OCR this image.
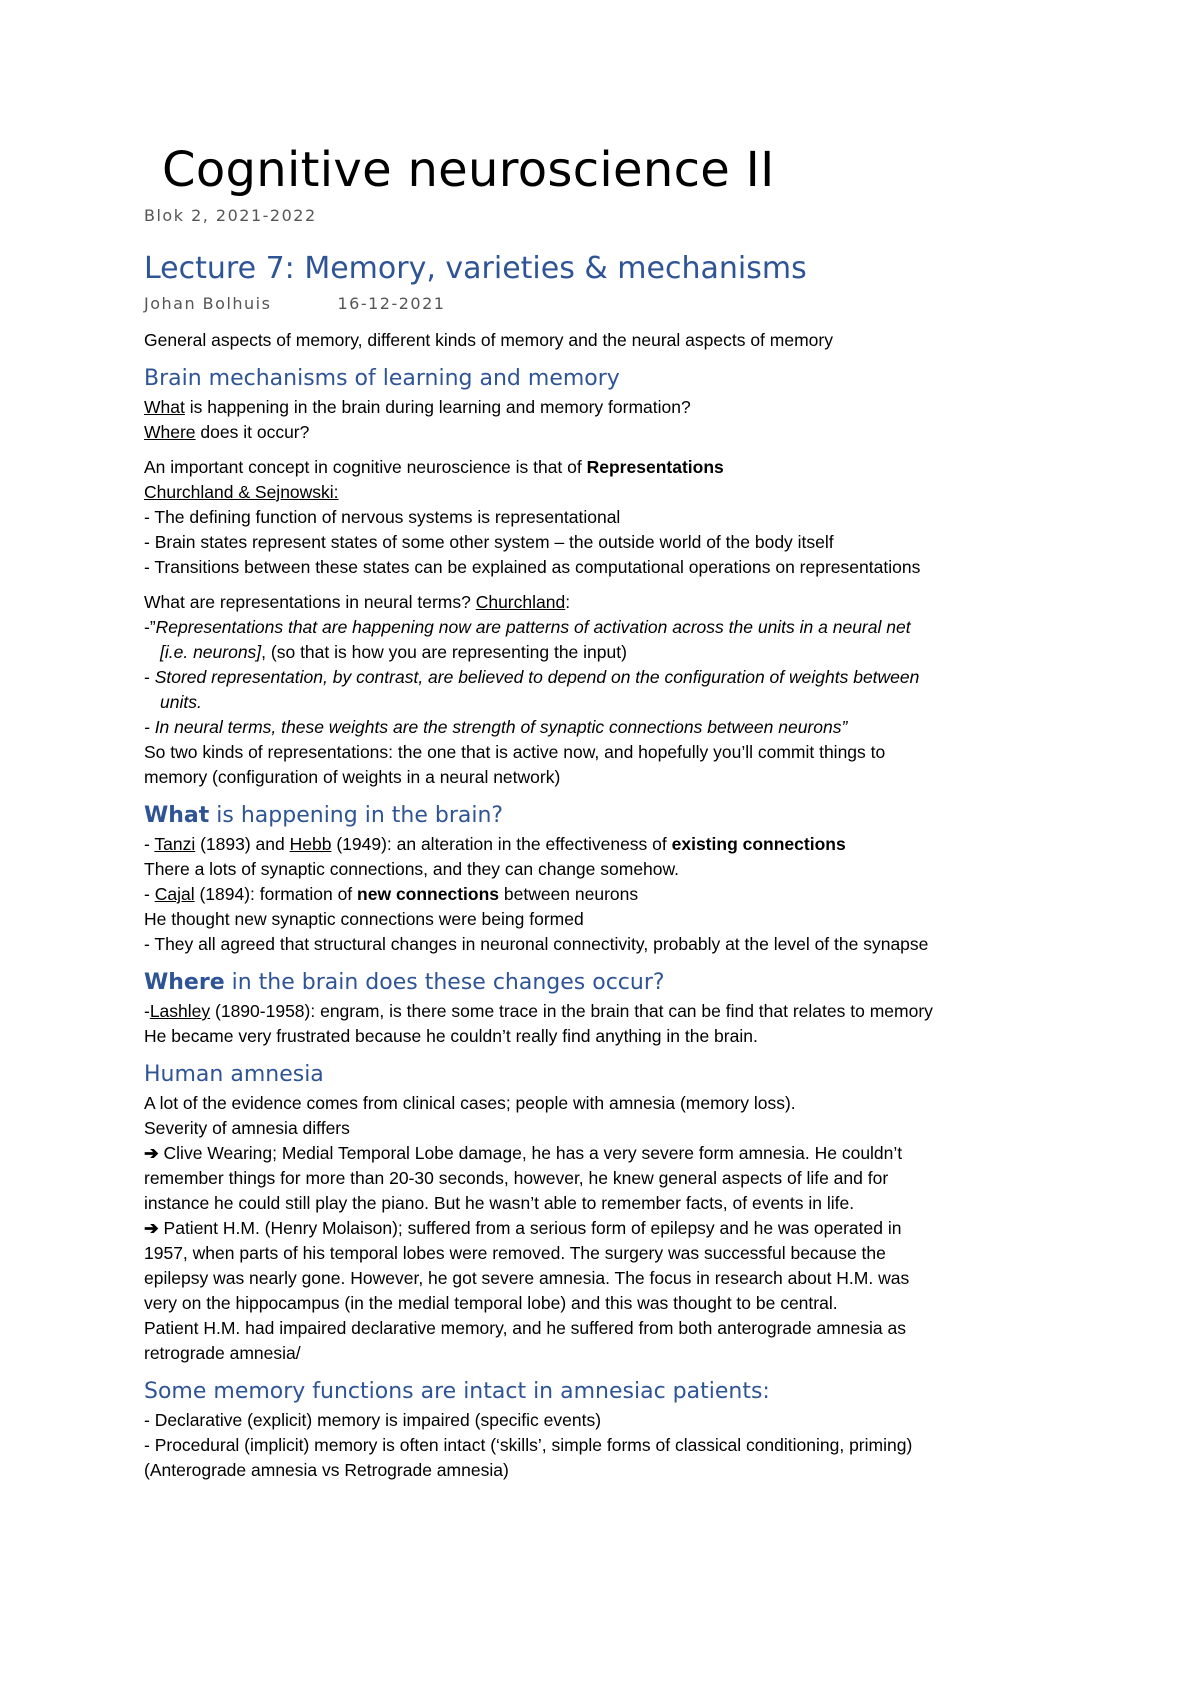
Cognitive neuroscience II
Blok 2, 2021-2022
Lecture 7: Memory, varieties & mechanisms
Johan Bolhuis	16-12-2021

General aspects of memory, different kinds of memory and the neural aspects of memory

Brain mechanisms of learning and memory

What is happening in the brain during learning and memory formation?

Where does it occur?

An important concept in cognitive neuroscience is that of Representations

Churchland & Sejnowski:

- The defining function of nervous systems is representational

- Brain states represent states of some other system – the outside world of the body itself

- Transitions between these states can be explained as computational operations on representations

What are representations in neural terms? Churchland:

-”Representations that are happening now are patterns of activation across the units in a neural net

[i.e. neurons], (so that is how you are representing the input)

- Stored representation, by contrast, are believed to depend on the configuration of weights between

units.

- In neural terms, these weights are the strength of synaptic connections between neurons”

So two kinds of representations: the one that is active now, and hopefully you’ll commit things to

memory (configuration of weights in a neural network)

What is happening in the brain?

- Tanzi (1893) and Hebb (1949): an alteration in the effectiveness of existing connections

There a lots of synaptic connections, and they can change somehow.

- Cajal (1894): formation of new connections between neurons

He thought new synaptic connections were being formed

- They all agreed that structural changes in neuronal connectivity, probably at the level of the synapse

Where in the brain does these changes occur?

-Lashley (1890-1958): engram, is there some trace in the brain that can be find that relates to memory

He became very frustrated because he couldn’t really find anything in the brain.

Human amnesia

A lot of the evidence comes from clinical cases; people with amnesia (memory loss).

Severity of amnesia differs

➔ Clive Wearing; Medial Temporal Lobe damage, he has a very severe form amnesia. He couldn’t

remember things for more than 20-30 seconds, however, he knew general aspects of life and for

instance he could still play the piano. But he wasn’t able to remember facts, of events in life.

➔ Patient H.M. (Henry Molaison); suffered from a serious form of epilepsy and he was operated in

1957, when parts of his temporal lobes were removed. The surgery was successful because the

epilepsy was nearly gone. However, he got severe amnesia. The focus in research about H.M. was

very on the hippocampus (in the medial temporal lobe) and this was thought to be central.

Patient H.M. had impaired declarative memory, and he suffered from both anterograde amnesia as

retrograde amnesia/

Some memory functions are intact in amnesiac patients:

- Declarative (explicit) memory is impaired (specific events)

- Procedural (implicit) memory is often intact (‘skills’, simple forms of classical conditioning, priming)

(Anterograde amnesia vs Retrograde amnesia)
